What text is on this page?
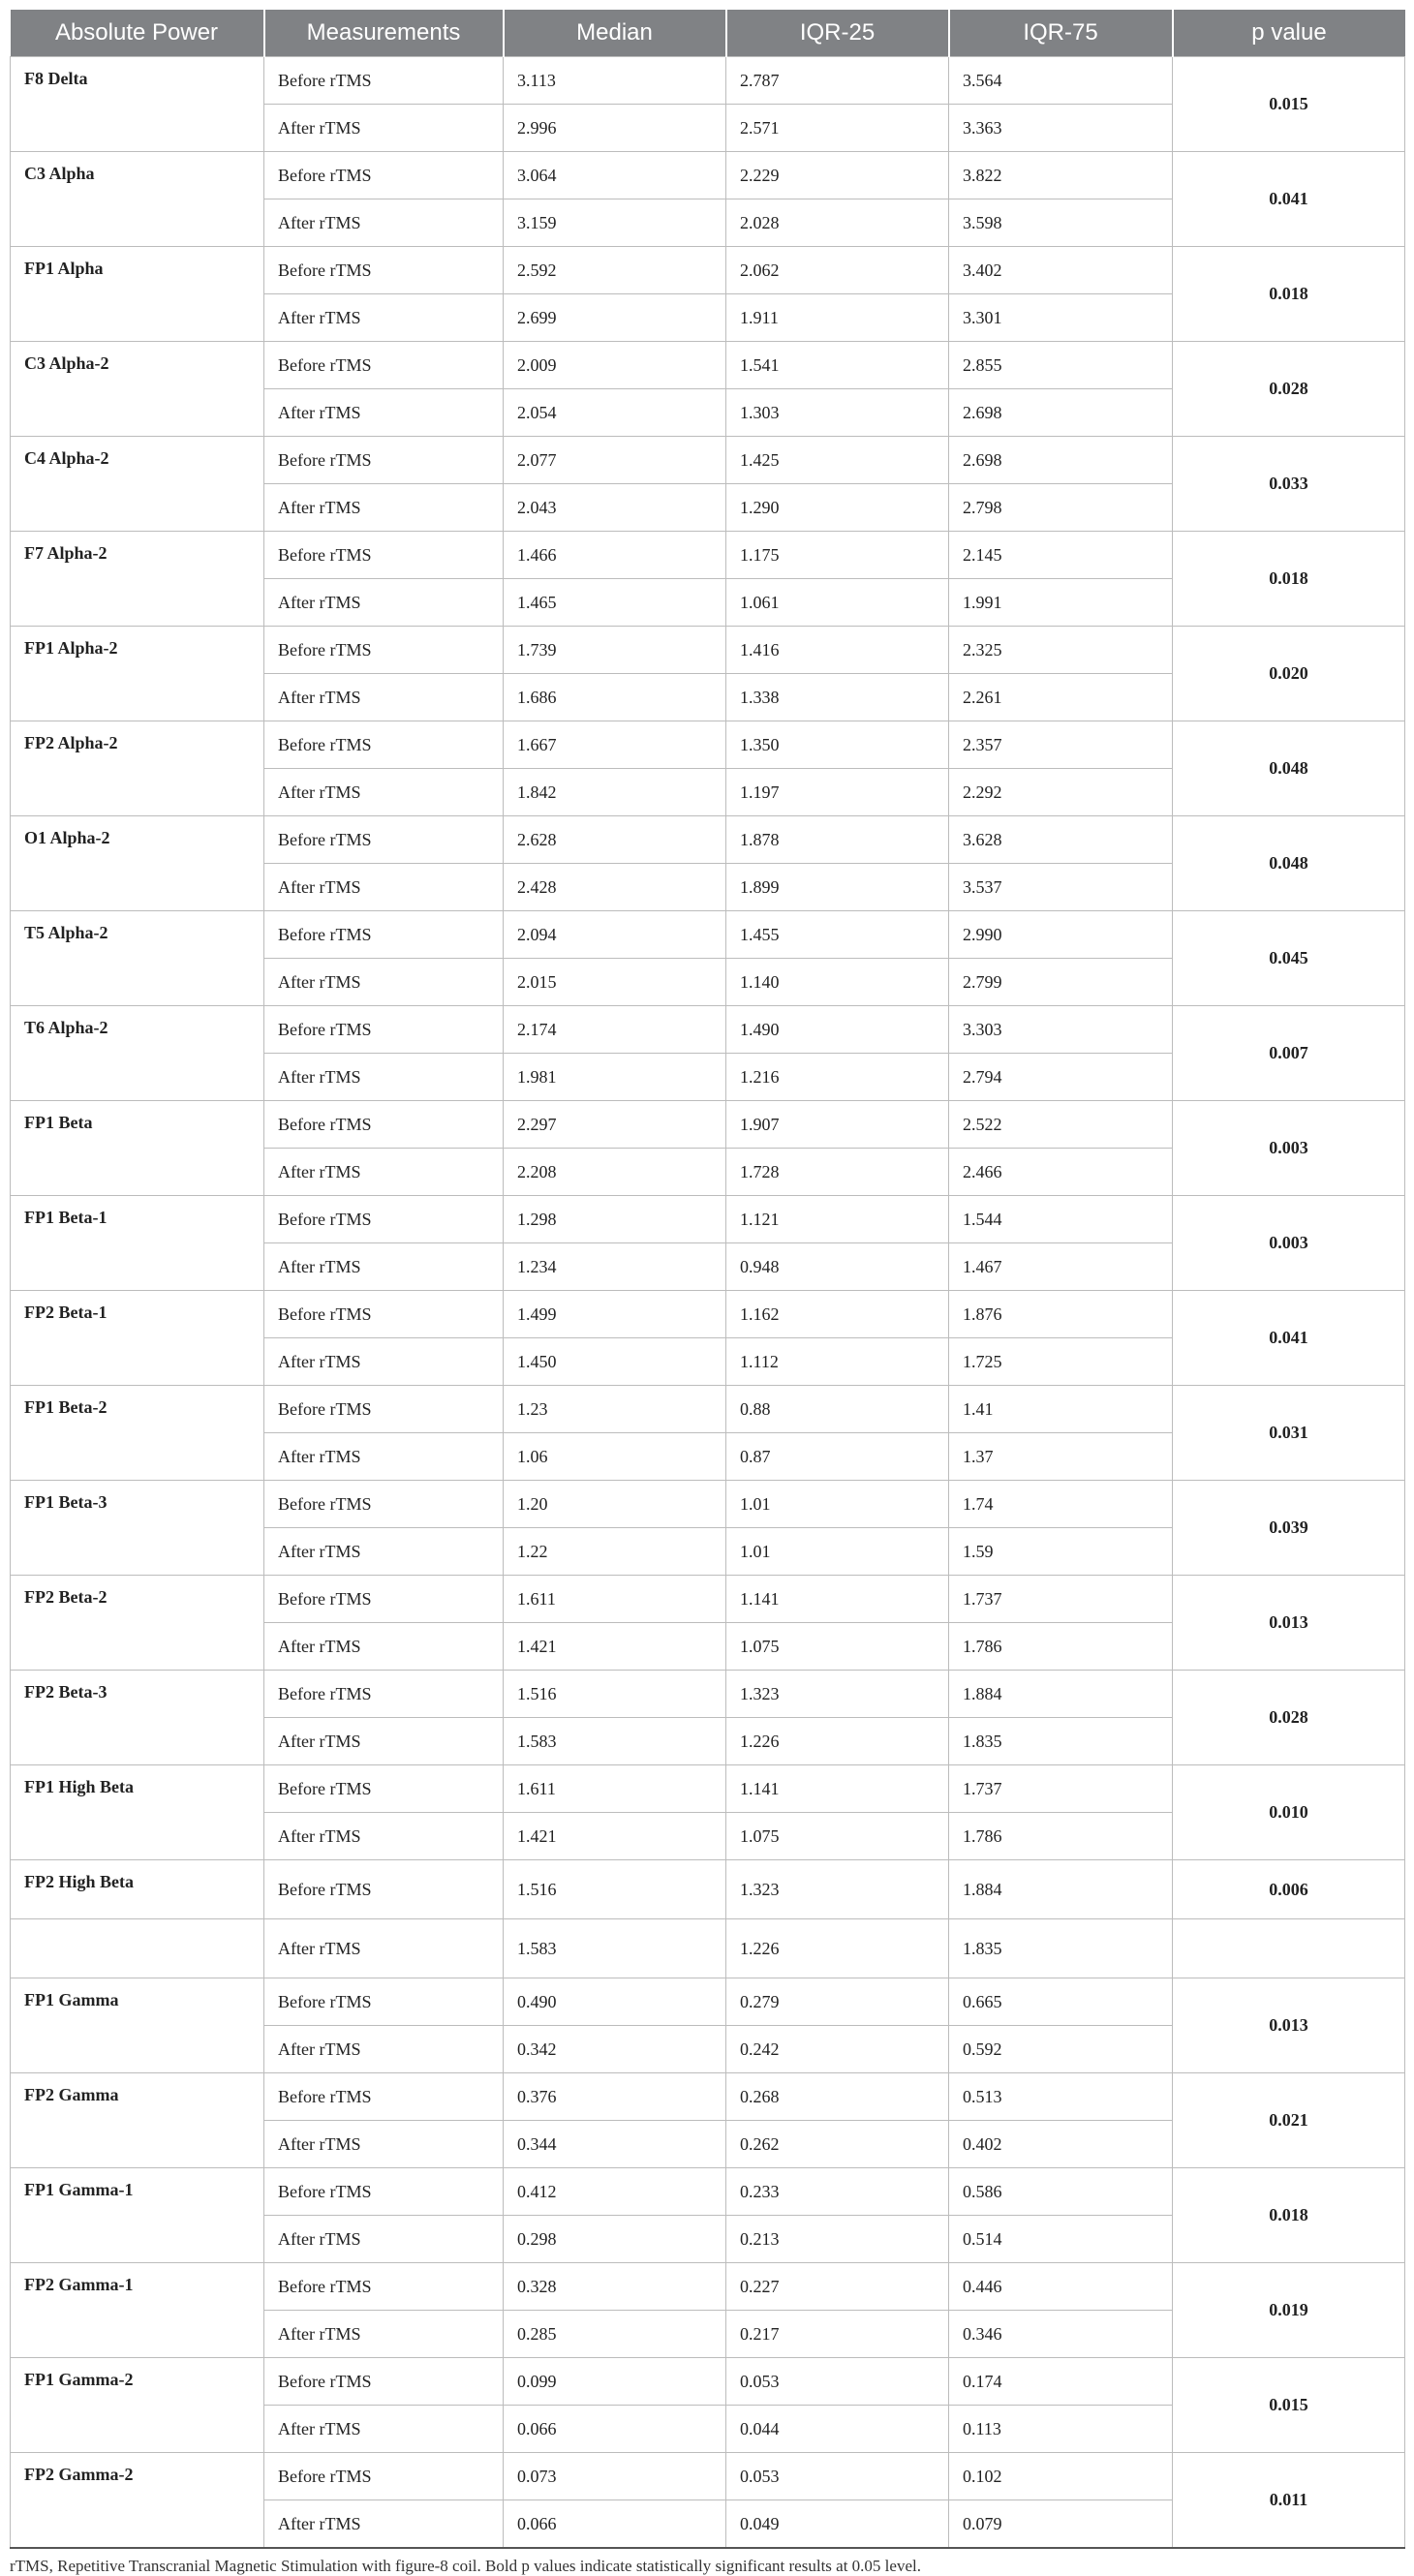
Absolute Power	Measurements	Median	IQR-25	IQR-75	p value
F8 Delta	Before rTMS	3.113	2.787	3.564	0.015
	After rTMS	2.996	2.571	3.363	
C3 Alpha	Before rTMS	3.064	2.229	3.822	0.041
	After rTMS	3.159	2.028	3.598	
FP1 Alpha	Before rTMS	2.592	2.062	3.402	0.018
	After rTMS	2.699	1.911	3.301	
C3 Alpha-2	Before rTMS	2.009	1.541	2.855	0.028
	After rTMS	2.054	1.303	2.698	
C4 Alpha-2	Before rTMS	2.077	1.425	2.698	0.033
	After rTMS	2.043	1.290	2.798	
F7 Alpha-2	Before rTMS	1.466	1.175	2.145	0.018
	After rTMS	1.465	1.061	1.991	
FP1 Alpha-2	Before rTMS	1.739	1.416	2.325	0.020
	After rTMS	1.686	1.338	2.261	
FP2 Alpha-2	Before rTMS	1.667	1.350	2.357	0.048
	After rTMS	1.842	1.197	2.292	
O1 Alpha-2	Before rTMS	2.628	1.878	3.628	0.048
	After rTMS	2.428	1.899	3.537	
T5 Alpha-2	Before rTMS	2.094	1.455	2.990	0.045
	After rTMS	2.015	1.140	2.799	
T6 Alpha-2	Before rTMS	2.174	1.490	3.303	0.007
	After rTMS	1.981	1.216	2.794	
FP1 Beta	Before rTMS	2.297	1.907	2.522	0.003
	After rTMS	2.208	1.728	2.466	
FP1 Beta-1	Before rTMS	1.298	1.121	1.544	0.003
	After rTMS	1.234	0.948	1.467	
FP2 Beta-1	Before rTMS	1.499	1.162	1.876	0.041
	After rTMS	1.450	1.112	1.725	
FP1 Beta-2	Before rTMS	1.23	0.88	1.41	0.031
	After rTMS	1.06	0.87	1.37	
FP1 Beta-3	Before rTMS	1.20	1.01	1.74	0.039
	After rTMS	1.22	1.01	1.59	
FP2 Beta-2	Before rTMS	1.611	1.141	1.737	0.013
	After rTMS	1.421	1.075	1.786	
FP2 Beta-3	Before rTMS	1.516	1.323	1.884	0.028
	After rTMS	1.583	1.226	1.835	
FP1 High Beta	Before rTMS	1.611	1.141	1.737	0.010
	After rTMS	1.421	1.075	1.786	
FP2 High Beta	Before rTMS	1.516	1.323	1.884	0.006
	After rTMS	1.583	1.226	1.835	
FP1 Gamma	Before rTMS	0.490	0.279	0.665	0.013
	After rTMS	0.342	0.242	0.592	
FP2 Gamma	Before rTMS	0.376	0.268	0.513	0.021
	After rTMS	0.344	0.262	0.402	
FP1 Gamma-1	Before rTMS	0.412	0.233	0.586	0.018
	After rTMS	0.298	0.213	0.514	
FP2 Gamma-1	Before rTMS	0.328	0.227	0.446	0.019
	After rTMS	0.285	0.217	0.346	
FP1 Gamma-2	Before rTMS	0.099	0.053	0.174	0.015
	After rTMS	0.066	0.044	0.113	
FP2 Gamma-2	Before rTMS	0.073	0.053	0.102	0.011
	After rTMS	0.066	0.049	0.079	
rTMS, Repetitive Transcranial Magnetic Stimulation with figure-8 coil. Bold p values indicate statistically significant results at 0.05 level.
